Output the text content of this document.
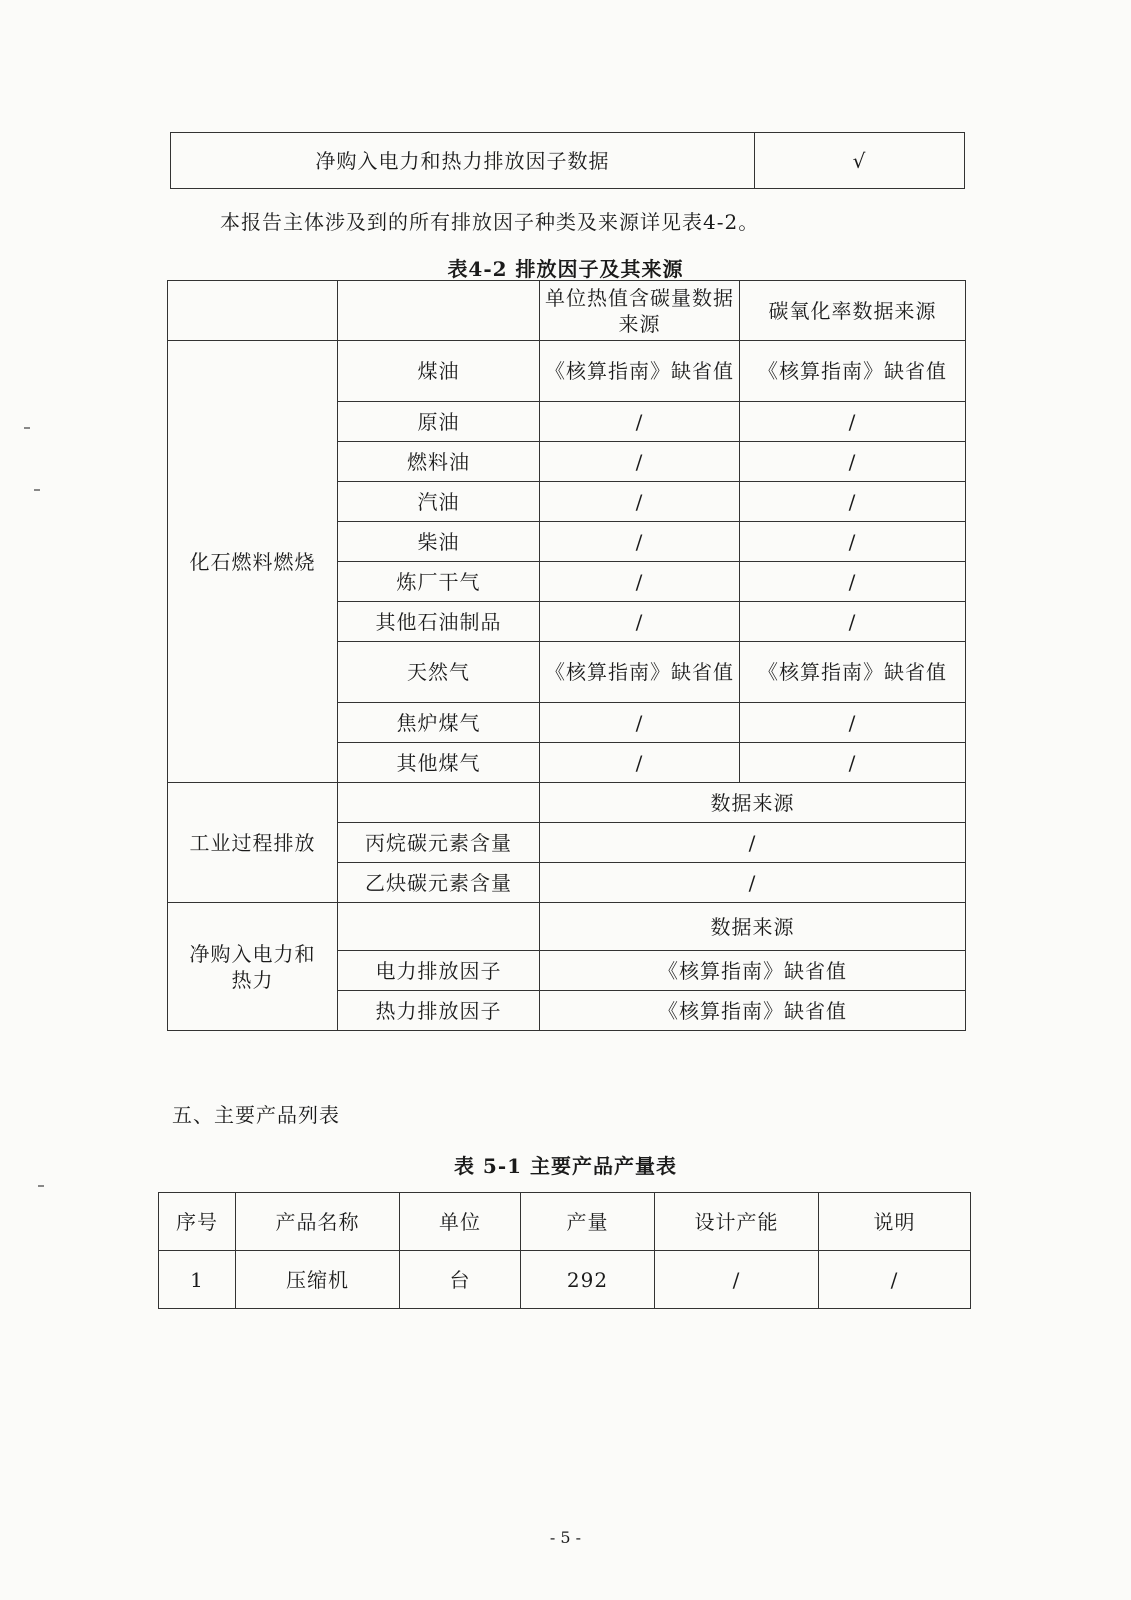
净购入电力和热力排放因子数据	√
本报告主体涉及到的所有排放因子种类及来源详见表4-2。
表4-2 排放因子及其来源
		单位热值含碳量数据来源	碳氧化率数据来源
化石燃料燃烧	煤油	《核算指南》缺省值	《核算指南》缺省值
	原油	/	/
	燃料油	/	/
	汽油	/	/
	柴油	/	/
	炼厂干气	/	/
	其他石油制品	/	/
	天然气	《核算指南》缺省值	《核算指南》缺省值
	焦炉煤气	/	/
	其他煤气	/	/
工业过程排放		数据来源	
	丙烷碳元素含量	/	
	乙炔碳元素含量	/	
净购入电力和热力		数据来源	
	电力排放因子	《核算指南》缺省值	
	热力排放因子	《核算指南》缺省值	
五、主要产品列表
表 5-1 主要产品产量表
序号	产品名称	单位	产量	设计产能	说明
1	压缩机	台	292	/	/
- 5 -
